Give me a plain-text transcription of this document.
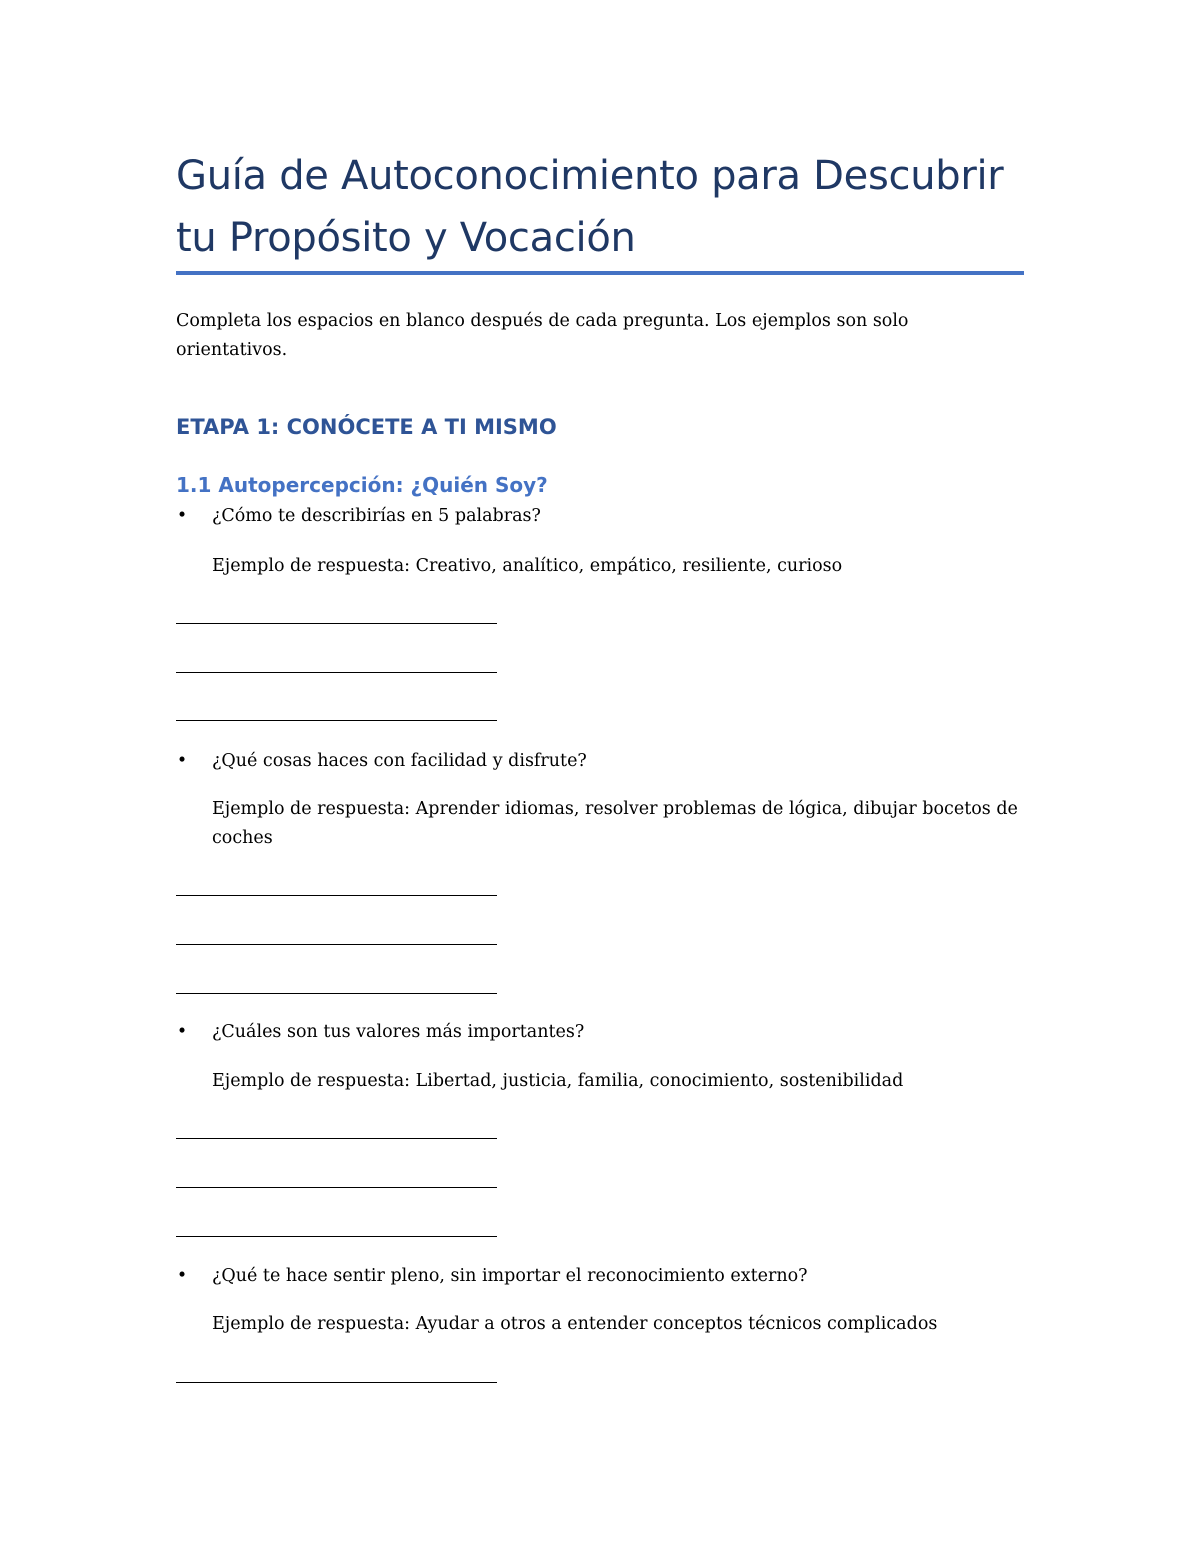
Guía de Autoconocimiento para Descubrir tu Propósito y Vocación

Completa los espacios en blanco después de cada pregunta. Los ejemplos son solo orientativos.

ETAPA 1: CONÓCETE A TI MISMO
1.1 Autopercepción: ¿Quién Soy?
• ¿Cómo te describirías en 5 palabras?
Ejemplo de respuesta: Creativo, analítico, empático, resiliente, curioso
• ¿Qué cosas haces con facilidad y disfrute?
Ejemplo de respuesta: Aprender idiomas, resolver problemas de lógica, dibujar bocetos de coches
• ¿Cuáles son tus valores más importantes?
Ejemplo de respuesta: Libertad, justicia, familia, conocimiento, sostenibilidad
• ¿Qué te hace sentir pleno, sin importar el reconocimiento externo?
Ejemplo de respuesta: Ayudar a otros a entender conceptos técnicos complicados
